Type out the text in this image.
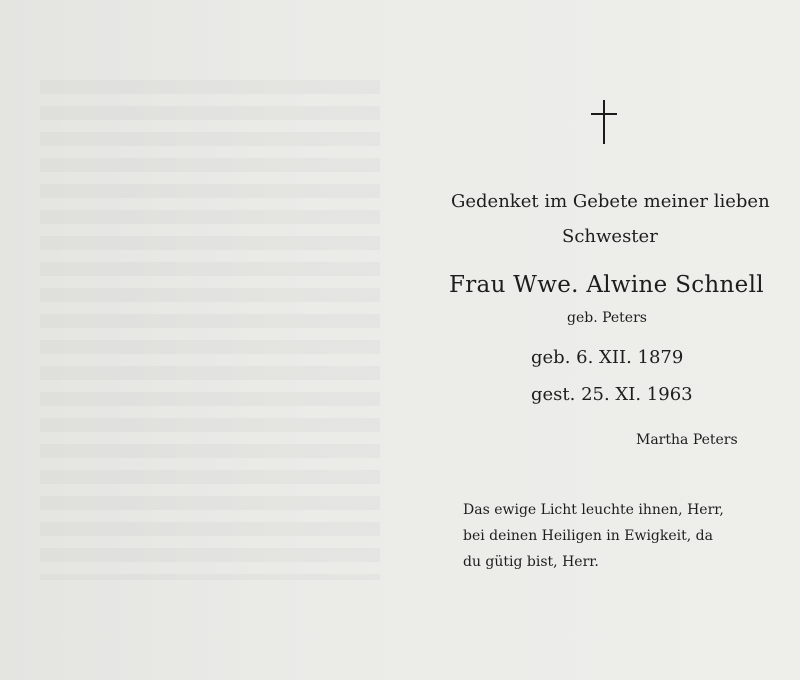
Gedenket im Gebete meiner lieben
Schwester
Frau Wwe. Alwine Schnell
geb. Peters
geb. 6. XII. 1879
gest. 25. XI. 1963
Martha Peters
Das ewige Licht leuchte ihnen, Herr,
bei deinen Heiligen in Ewigkeit, da
du gütig bist, Herr.
